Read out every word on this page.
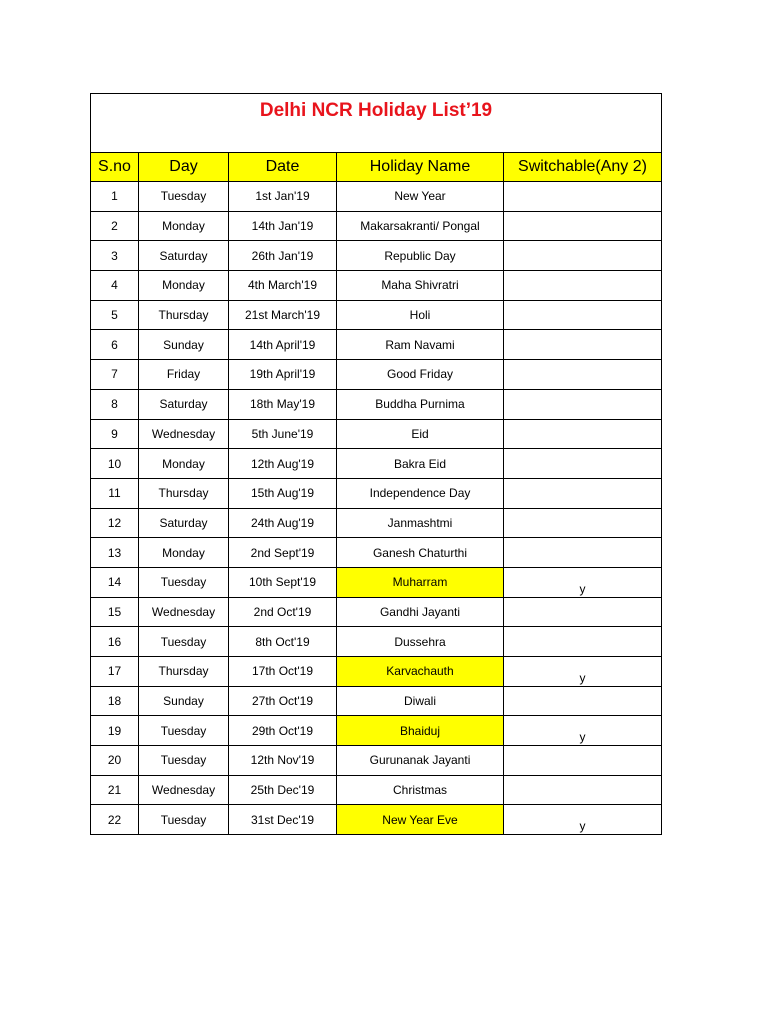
Delhi NCR Holiday List’19				
S.no	Day	Date	Holiday Name	Switchable(Any 2)
1	Tuesday	1st Jan'19	New Year	
2	Monday	14th Jan'19	Makarsakranti/ Pongal	
3	Saturday	26th Jan'19	Republic Day	
4	Monday	4th March'19	Maha Shivratri	
5	Thursday	21st March'19	Holi	
6	Sunday	14th April'19	Ram Navami	
7	Friday	19th April'19	Good Friday	
8	Saturday	18th May'19	Buddha Purnima	
9	Wednesday	5th June'19	Eid	
10	Monday	12th Aug'19	Bakra Eid	
11	Thursday	15th Aug'19	Independence Day	
12	Saturday	24th Aug'19	Janmashtmi	
13	Monday	2nd Sept'19	Ganesh Chaturthi	
14	Tuesday	10th Sept'19	Muharram	y
15	Wednesday	2nd Oct'19	Gandhi Jayanti	
16	Tuesday	8th Oct'19	Dussehra	
17	Thursday	17th Oct'19	Karvachauth	y
18	Sunday	27th Oct'19	Diwali	
19	Tuesday	29th Oct'19	Bhaiduj	y
20	Tuesday	12th Nov'19	Gurunanak Jayanti	
21	Wednesday	25th Dec'19	Christmas	
22	Tuesday	31st Dec'19	New Year Eve	y
